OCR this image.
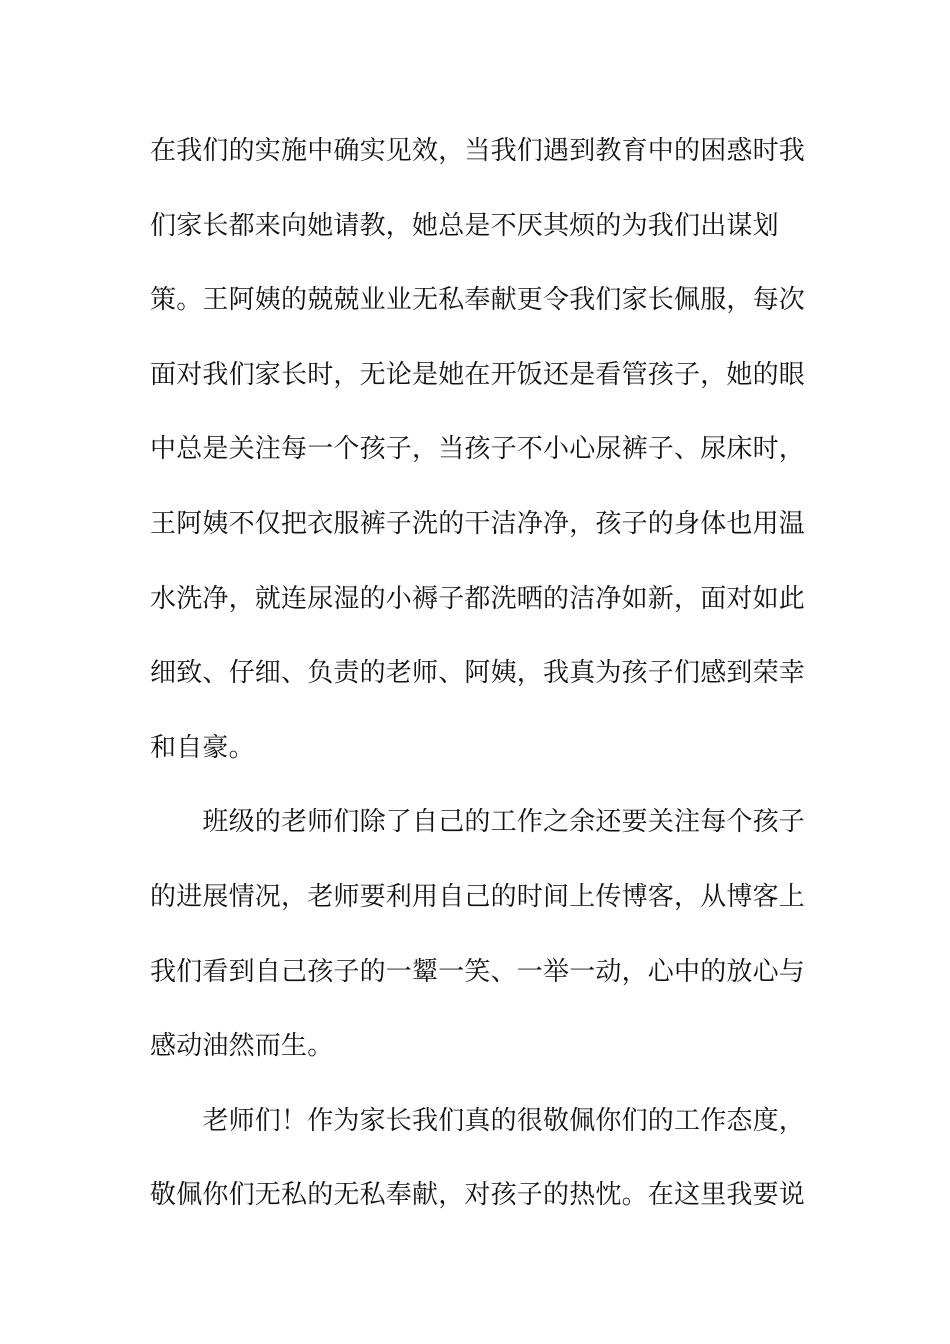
在我们的实施中确实见效，当我们遇到教育中的困惑时我
们家长都来向她请教，她总是不厌其烦的为我们出谋划
策。王阿姨的兢兢业业无私奉献更令我们家长佩服，每次
面对我们家长时，无论是她在开饭还是看管孩子，她的眼
中总是关注每一个孩子，当孩子不小心尿裤子、尿床时，
王阿姨不仅把衣服裤子洗的干洁净净，孩子的身体也用温
水洗净，就连尿湿的小褥子都洗晒的洁净如新，面对如此
细致、仔细、负责的老师、阿姨，我真为孩子们感到荣幸
和自豪。
　　班级的老师们除了自己的工作之余还要关注每个孩子
的进展情况，老师要利用自己的时间上传博客，从博客上
我们看到自己孩子的一颦一笑、一举一动，心中的放心与
感动油然而生。
　　老师们！作为家长我们真的很敬佩你们的工作态度，
敬佩你们无私的无私奉献，对孩子的热忱。在这里我要说
